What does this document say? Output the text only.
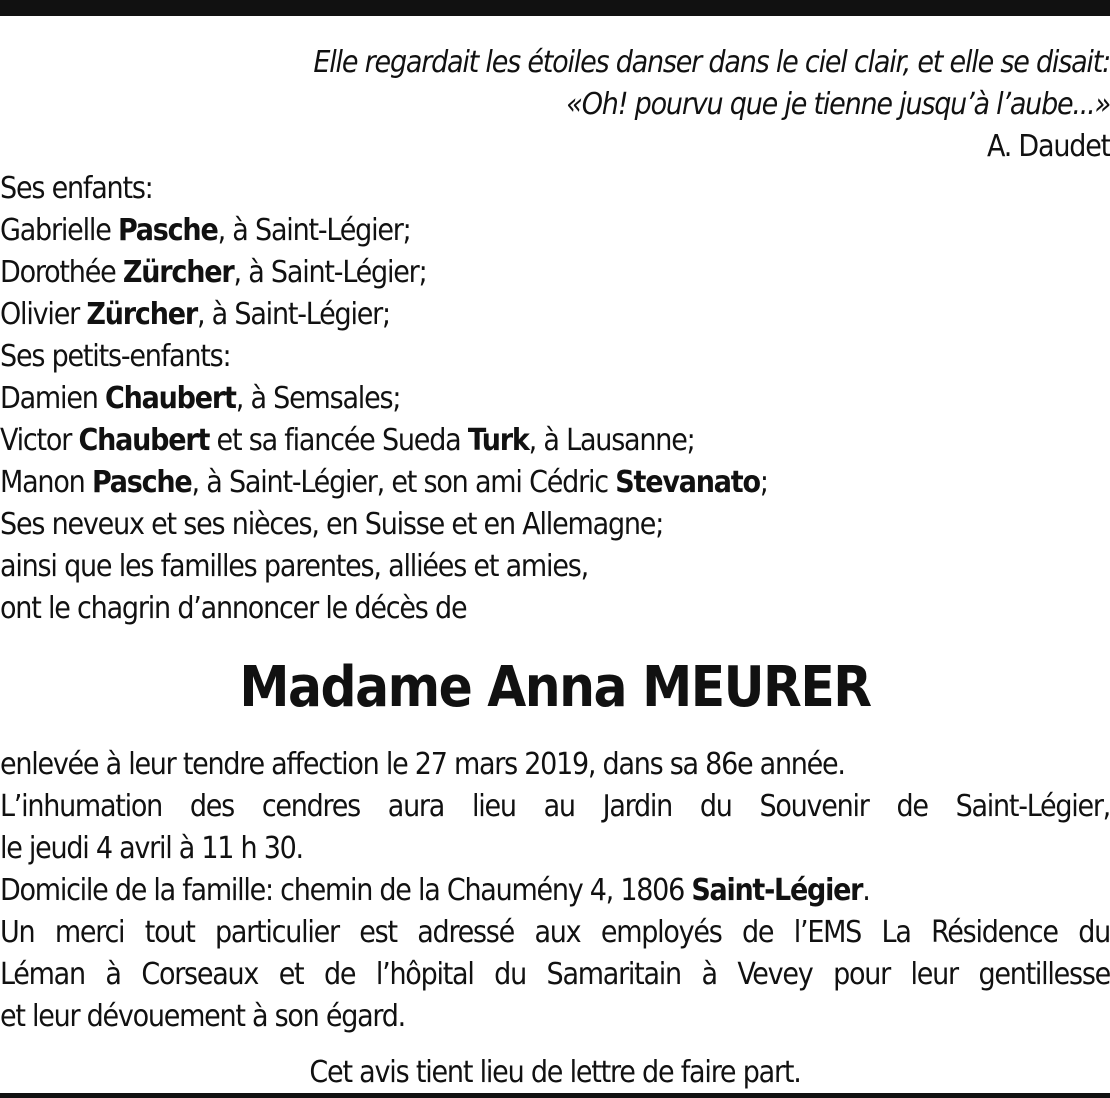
Elle regardait les étoiles danser dans le ciel clair, et elle se disait:
«Oh! pourvu que je tienne jusqu’à l’aube...»
A. Daudet
Ses enfants:
Gabrielle Pasche, à Saint-Légier;
Dorothée Zürcher, à Saint-Légier;
Olivier Zürcher, à Saint-Légier;
Ses petits-enfants:
Damien Chaubert, à Semsales;
Victor Chaubert et sa fiancée Sueda Turk, à Lausanne;
Manon Pasche, à Saint-Légier, et son ami Cédric Stevanato;
Ses neveux et ses nièces, en Suisse et en Allemagne;
ainsi que les familles parentes, alliées et amies,
ont le chagrin d’annoncer le décès de
Madame Anna MEURER
enlevée à leur tendre affection le 27 mars 2019, dans sa 86e année.
L’inhumation des cendres aura lieu au Jardin du Souvenir de Saint-Légier,
le jeudi 4 avril à 11 h 30.
Domicile de la famille: chemin de la Chaumény 4, 1806 Saint-Légier.
Un merci tout particulier est adressé aux employés de l’EMS La Résidence du
Léman à Corseaux et de l’hôpital du Samaritain à Vevey pour leur gentillesse
et leur dévouement à son égard.
Cet avis tient lieu de lettre de faire part.
